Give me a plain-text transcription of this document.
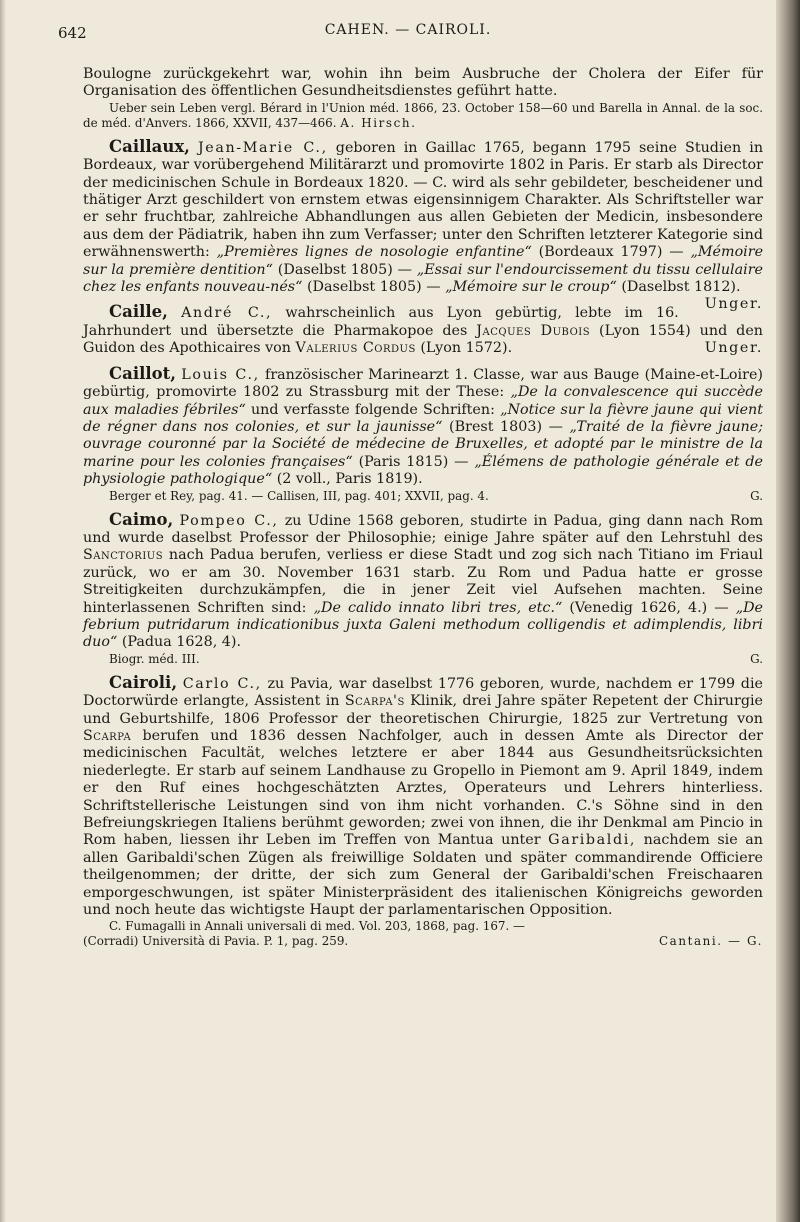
642	CAHEN. — CAIROLI.

Boulogne zurückgekehrt war, wohin ihn beim Ausbruche der Cholera der Eifer für Organisation des öffentlichen Gesundheitsdienstes geführt hatte.

Ueber sein Leben vergl. Bérard in l'Union méd. 1866, 23. October 158—60 und Barella in Annal. de la soc. de méd. d'Anvers. 1866, XXVII, 437—466. A. Hirsch.

Caillaux, Jean-Marie C., geboren in Gaillac 1765, begann 1795 seine Studien in Bordeaux, war vorübergehend Militärarzt und promovirte 1802 in Paris. Er starb als Director der medicinischen Schule in Bordeaux 1820. — C. wird als sehr gebildeter, bescheidener und thätiger Arzt geschildert von ernstem etwas eigensinnigem Charakter. Als Schriftsteller war er sehr fruchtbar, zahlreiche Abhandlungen aus allen Gebieten der Medicin, insbesondere aus dem der Pädiatrik, haben ihn zum Verfasser; unter den Schriften letzterer Kategorie sind erwähnenswerth: „Premières lignes de nosologie enfantine“ (Bordeaux 1797) — „Mémoire sur la première dentition“ (Daselbst 1805) — „Essai sur l'endourcissement du tissu cellulaire chez les enfants nouveau-nés“ (Daselbst 1805) — „Mémoire sur le croup“ (Daselbst 1812).
Unger.

Caille, André C., wahrscheinlich aus Lyon gebürtig, lebte im 16. Jahrhundert und übersetzte die Pharmakopoe des Jacques Dubois (Lyon 1554) und den Guidon des Apothicaires von Valerius Cordus (Lyon 1572).	Unger.

Caillot, Louis C., französischer Marinearzt 1. Classe, war aus Bauge (Maine-et-Loire) gebürtig, promovirte 1802 zu Strassburg mit der These: „De la convalescence qui succède aux maladies fébriles“ und verfasste folgende Schriften: „Notice sur la fièvre jaune qui vient de régner dans nos colonies, et sur la jaunisse“ (Brest 1803) — „Traité de la fièvre jaune; ouvrage couronné par la Société de médecine de Bruxelles, et adopté par le ministre de la marine pour les colonies françaises“ (Paris 1815) — „Élémens de pathologie générale et de physiologie pathologique“ (2 voll., Paris 1819).

Berger et Rey, pag. 41. — Callisen, III, pag. 401; XXVII, pag. 4.	G.

Caimo, Pompeo C., zu Udine 1568 geboren, studirte in Padua, ging dann nach Rom und wurde daselbst Professor der Philosophie; einige Jahre später auf den Lehrstuhl des Sanctorius nach Padua berufen, verliess er diese Stadt und zog sich nach Titiano im Friaul zurück, wo er am 30. November 1631 starb. Zu Rom und Padua hatte er grosse Streitigkeiten durchzukämpfen, die in jener Zeit viel Aufsehen machten. Seine hinterlassenen Schriften sind: „De calido innato libri tres, etc.“ (Venedig 1626, 4.) — „De febrium putridarum indicationibus juxta Galeni methodum colligendis et adimplendis, libri duo“ (Padua 1628, 4).

Biogr. méd. III.	G.

Cairoli, Carlo C., zu Pavia, war daselbst 1776 geboren, wurde, nachdem er 1799 die Doctorwürde erlangte, Assistent in Scarpa's Klinik, drei Jahre später Repetent der Chirurgie und Geburtshilfe, 1806 Professor der theoretischen Chirurgie, 1825 zur Vertretung von Scarpa berufen und 1836 dessen Nachfolger, auch in dessen Amte als Director der medicinischen Facultät, welches letztere er aber 1844 aus Gesundheitsrücksichten niederlegte. Er starb auf seinem Landhause zu Gropello in Piemont am 9. April 1849, indem er den Ruf eines hochgeschätzten Arztes, Operateurs und Lehrers hinterliess. Schriftstellerische Leistungen sind von ihm nicht vorhanden. C.'s Söhne sind in den Befreiungskriegen Italiens berühmt geworden; zwei von ihnen, die ihr Denkmal am Pincio in Rom haben, liessen ihr Leben im Treffen von Mantua unter Garibaldi, nachdem sie an allen Garibaldi'schen Zügen als freiwillige Soldaten und später commandirende Officiere theilgenommen; der dritte, der sich zum General der Garibaldi'schen Freischaaren emporgeschwungen, ist später Ministerpräsident des italienischen Königreichs geworden und noch heute das wichtigste Haupt der parlamentarischen Opposition.

C. Fumagalli in Annali universali di med. Vol. 203, 1868, pag. 167. —

(Corradi) Università di Pavia. P. 1, pag. 259.	Cantani. — G.
